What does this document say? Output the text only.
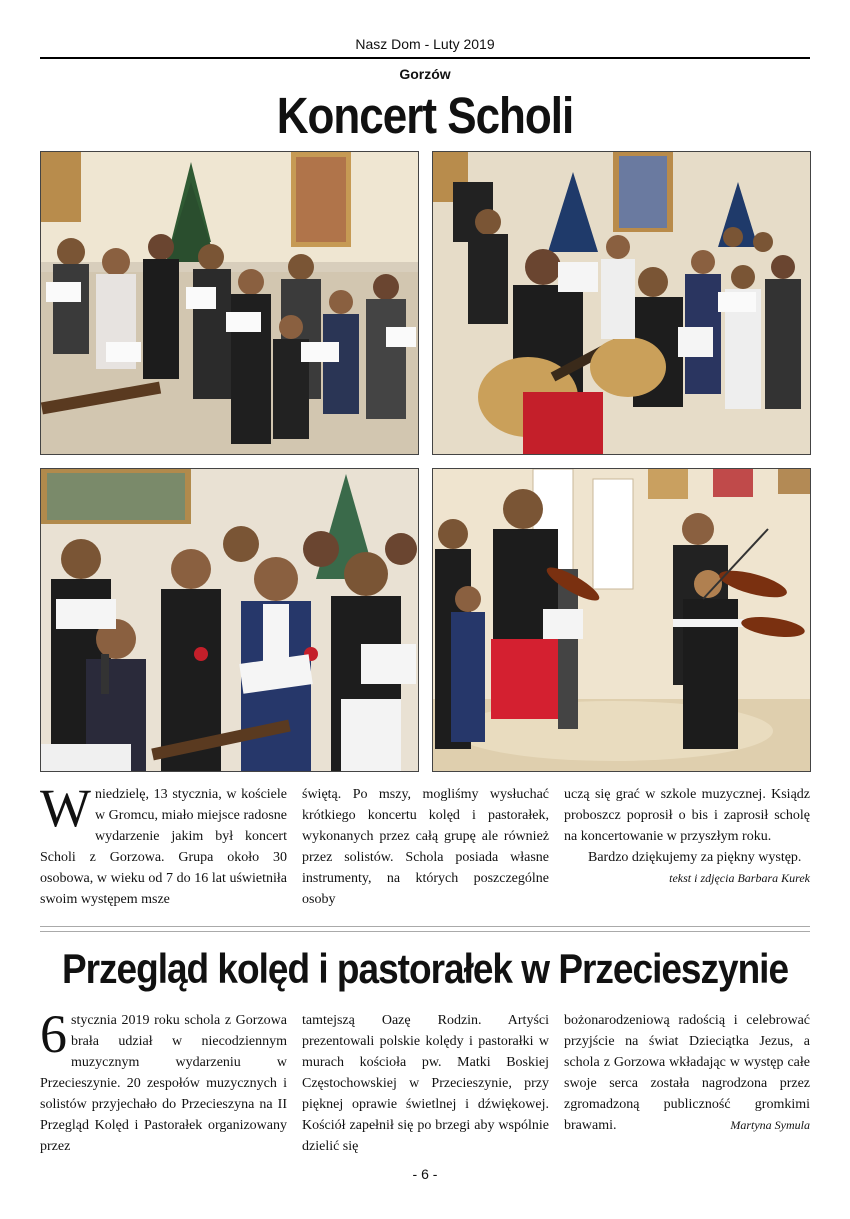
Nasz Dom - Luty 2019
Gorzów
Koncert Scholi
Wniedzielę, 13 stycznia, w kościele w Gromcu, miało miejsce radosne wydarzenie jakim był koncert Scholi z Gorzowa. Grupa około 30 osobowa, w wieku od 7 do 16 lat uświetniła swoim występem msze
świętą. Po mszy, mogliśmy wysłuchać krótkiego koncertu kolęd i pastorałek, wykonanych przez całą grupę ale również przez solistów. Schola posiada własne instrumenty, na których poszczególne osoby
uczą się grać w szkole muzycznej. Ksiądz proboszcz poprosił o bis i zaprosił scholę na koncertowanie w przyszłym roku.
Bardzo dziękujemy za piękny występ.
tekst i zdjęcia Barbara Kurek
Przegląd kolęd i pastorałek w Przecieszynie
6 stycznia 2019 roku schola z Gorzowa brała udział w niecodziennym muzycznym wydarzeniu w Przecieszynie. 20 zespołów muzycznych i solistów przyjechało do Przecieszyna na II Przegląd Kolęd i Pastorałek organizowany przez
tamtejszą Oazę Rodzin. Artyści prezentowali polskie kolędy i pastorałki w murach kościoła pw. Matki Boskiej Częstochowskiej w Przecieszynie, przy pięknej oprawie świetlnej i dźwiękowej. Kościół zapełnił się po brzegi aby wspólnie dzielić się
bożonarodzeniową radością i celebrować przyjście na świat Dzieciątka Jezus, a schola z Gorzowa wkładając w występ całe swoje serca została nagrodzona przez zgromadzoną publiczność gromkimi brawami.	Martyna Symula
- 6 -
